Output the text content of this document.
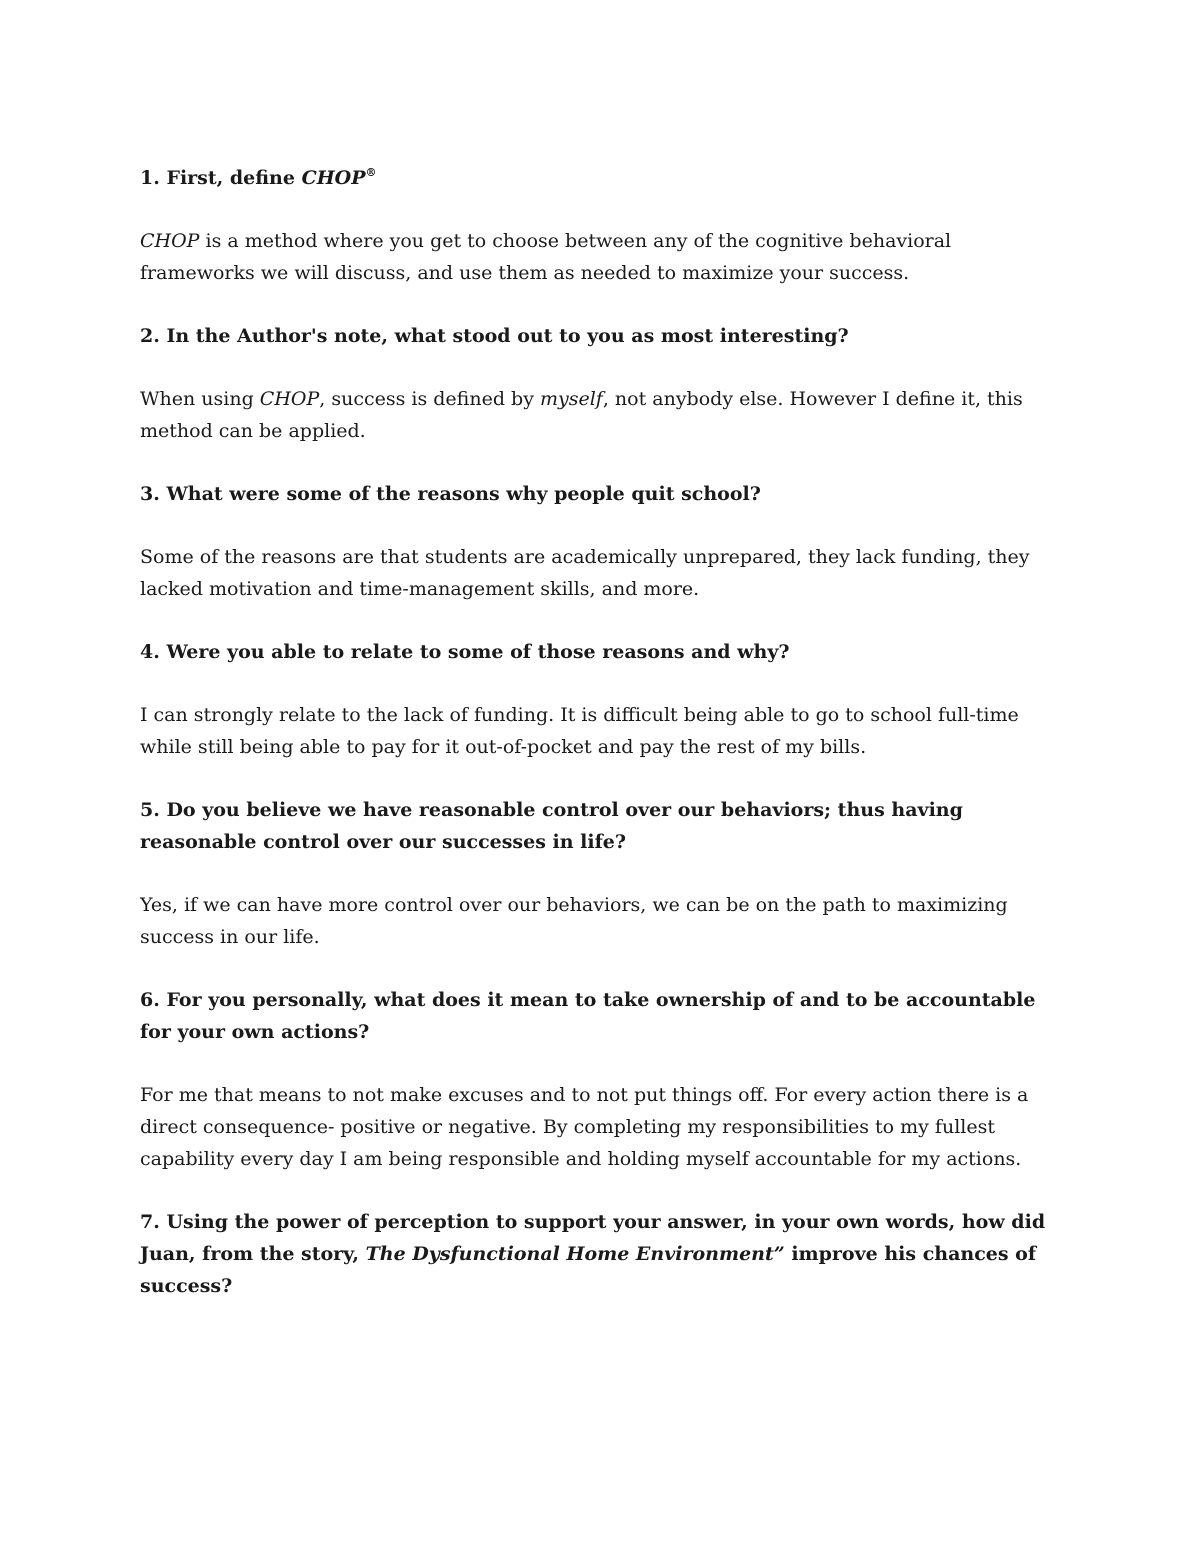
1. First, define CHOP®

CHOP is a method where you get to choose between any of the cognitive behavioral frameworks we will discuss, and use them as needed to maximize your success.

2. In the Author's note, what stood out to you as most interesting?

When using CHOP, success is defined by myself, not anybody else. However I define it, this method can be applied.

3. What were some of the reasons why people quit school?

Some of the reasons are that students are academically unprepared, they lack funding, they lacked motivation and time-management skills, and more.

4. Were you able to relate to some of those reasons and why?

I can strongly relate to the lack of funding. It is difficult being able to go to school full-time while still being able to pay for it out-of-pocket and pay the rest of my bills.

5. Do you believe we have reasonable control over our behaviors; thus having reasonable control over our successes in life?

Yes, if we can have more control over our behaviors, we can be on the path to maximizing success in our life.

6. For you personally, what does it mean to take ownership of and to be accountable for your own actions?

For me that means to not make excuses and to not put things off. For every action there is a direct consequence- positive or negative. By completing my responsibilities to my fullest capability every day I am being responsible and holding myself accountable for my actions.

7. Using the power of perception to support your answer, in your own words, how did Juan, from the story, The Dysfunctional Home Environment” improve his chances of success?
